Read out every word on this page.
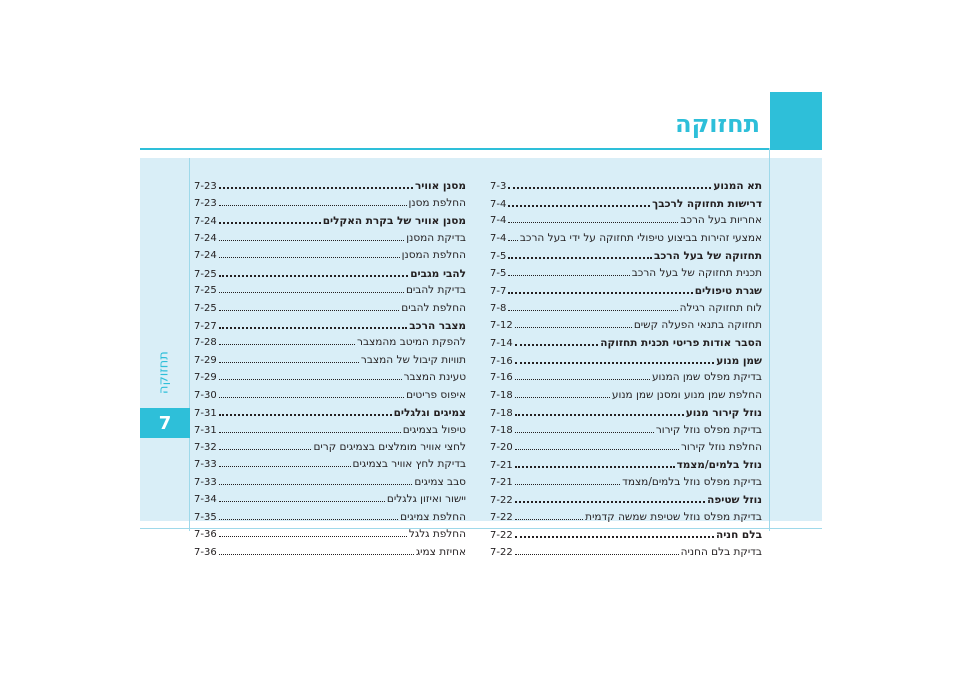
תחזוקה
תחזוקה
7
7-3	תא המנוע
7-4	דרישות תחזוקה לרכבך
7-4	אחריות בעל הרכב
7-4 אמצעי זהירות בביצוע טיפולי תחזוקה על ידי בעל הרכב
7-5	תחזוקה של בעל הרכב
7-5	תכנית תחזוקה של בעל הרכב
7-7	שגרת טיפולים
7-8	לוח תחזוקה רגילה
7-12	תחזוקה בתנאי הפעלה קשים
7-14	הסבר אודות פריטי תכנית תחזוקה
7-16	שמן מנוע
7-16	בדיקת מפלס שמן המנוע
7-18	החלפת שמן מנוע ומסנן שמן מנוע
7-18	נוזל קירור מנוע
7-18	בדיקת מפלס נוזל קירור
7-20	החלפת נוזל קירור
7-21	נוזל בלמים/מצמד
7-21	בדיקת מפלס נוזל בלמים/מצמד
7-22	נוזל שטיפה
7-22	בדיקת מפלס נוזל שטיפת שמשה קדמית
7-22	בלם חניה
7-22	בדיקת בלם החניה
7-23	מסנן אוויר
7-23	החלפת מסנן
7-24	מסנן אוויר של בקרת האקלים
7-24	בדיקת המסנן
7-24	החלפת המסנן
7-25	להבי מגבים
7-25	בדיקת להבים
7-25	החלפת להבים
7-27	מצבר הרכב
7-28	להפקת המיטב מהמצבר
7-29	תוויות קיבול של המצבר
7-29	טעינת המצבר
7-30	איפוס פריטים
7-31	צמיגים וגלגלים
7-31	טיפול בצמיגים
7-32	לחצי אוויר מומלצים בצמיגים קרים
7-33	בדיקת לחץ אוויר בצמיגים
7-33	סבב צמיגים
7-34	יישור ואיזון גלגלים
7-35	החלפת צמיגים
7-36	החלפת גלגל
7-36	אחיזת צמיג
